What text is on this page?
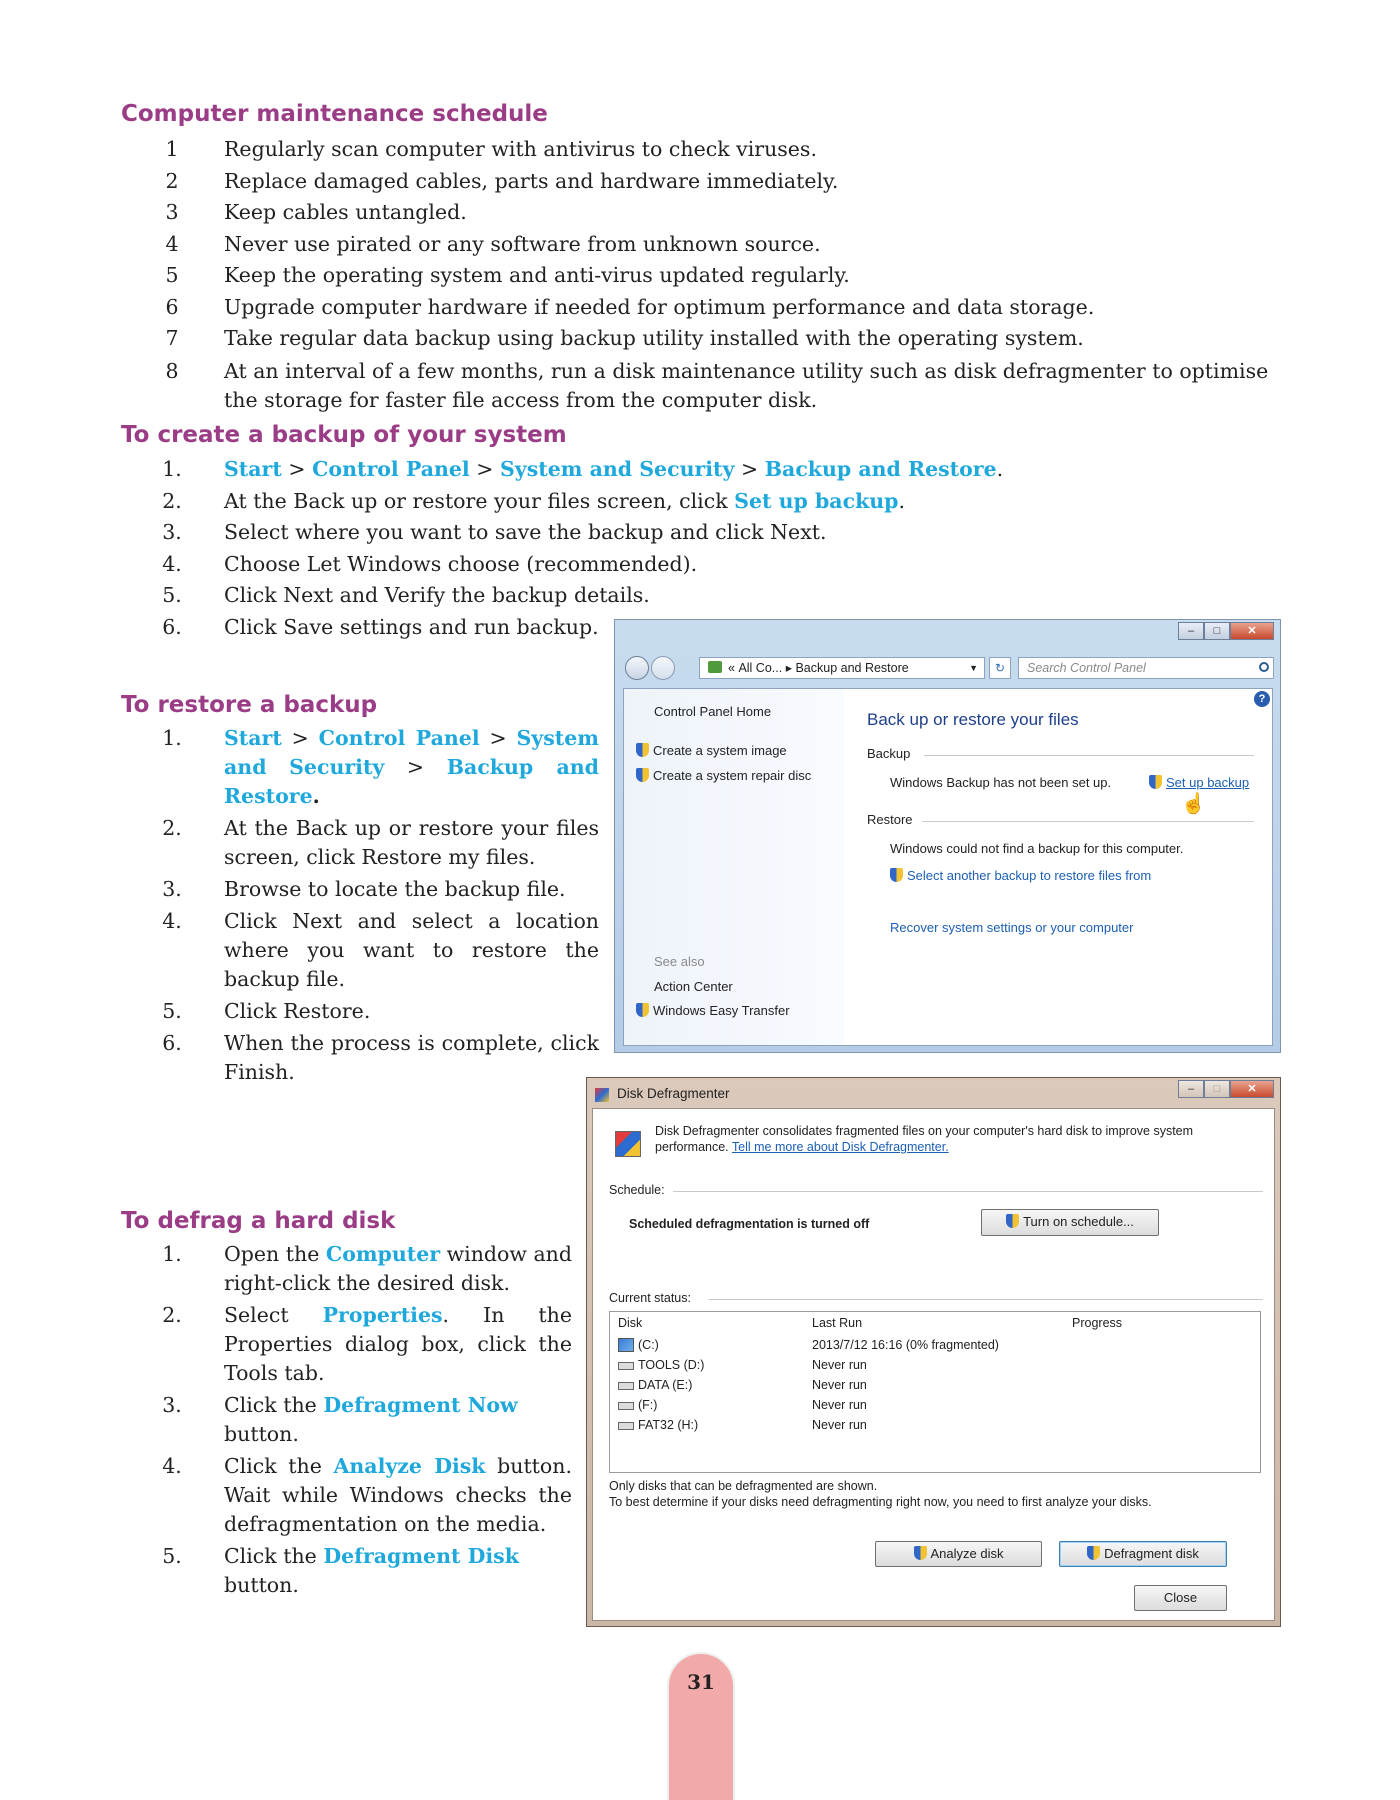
Computer maintenance schedule
1	Regularly scan computer with antivirus to check viruses.
2	Replace damaged cables, parts and hardware immediately.
3	Keep cables untangled.
4	Never use pirated or any software from unknown source.
5	Keep the operating system and anti-virus updated regularly.
6	Upgrade computer hardware if needed for optimum performance and data storage.
7	Take regular data backup using backup utility installed with the operating system.
8	At an interval of a few months, run a disk maintenance utility such as disk defragmenter to optimise the storage for faster file access from the computer disk.
To create a backup of your system
1.	Start > Control Panel > System and Security > Backup and Restore.
2.	At the Back up or restore your files screen, click Set up backup.
3.	Select where you want to save the backup and click Next.
4.	Choose Let Windows choose (recommended).
5.	Click Next and Verify the backup details.
6.	Click Save settings and run backup.
To restore a backup
1.	Start > Control Panel > System and Security > Backup and Restore.
2.	At the Back up or restore your files screen, click Restore my files.
3.	Browse to locate the backup file.
4.	Click Next and select a location where you want to restore the backup file.
5.	Click Restore.
6.	When the process is complete, click Finish.
To defrag a hard disk
1.	Open the Computer window and right-click the desired disk.
2.	Select Properties. In the Properties dialog box, click the Tools tab.
3.	Click the Defragment Now button.
4.	Click the Analyze Disk button. Wait while Windows checks the defragmentation on the media.
5.	Click the Defragment Disk button.
–	□	✕
« All Co... ▸ Backup and Restore	▼	↻	Search Control Panel
?
Control Panel Home
Create a system image
Create a system repair disc
See also
Action Center
Windows Easy Transfer
Back up or restore your files
Backup
Windows Backup has not been set up.	Set up backup
☝
Restore
Windows could not find a backup for this computer.
Select another backup to restore files from
Recover system settings or your computer
Disk Defragmenter	–	□	✕
Disk Defragmenter consolidates fragmented files on your computer's hard disk to improve system performance. Tell me more about Disk Defragmenter.
Schedule:
Scheduled defragmentation is turned off	Turn on schedule...
Current status:
Disk	Last Run	Progress
(C:)	2013/7/12 16:16 (0% fragmented)
TOOLS (D:)	Never run
DATA (E:)	Never run
(F:)	Never run
FAT32 (H:)	Never run
Only disks that can be defragmented are shown.
To best determine if your disks need defragmenting right now, you need to first analyze your disks.
Analyze disk	Defragment disk
Close
31
